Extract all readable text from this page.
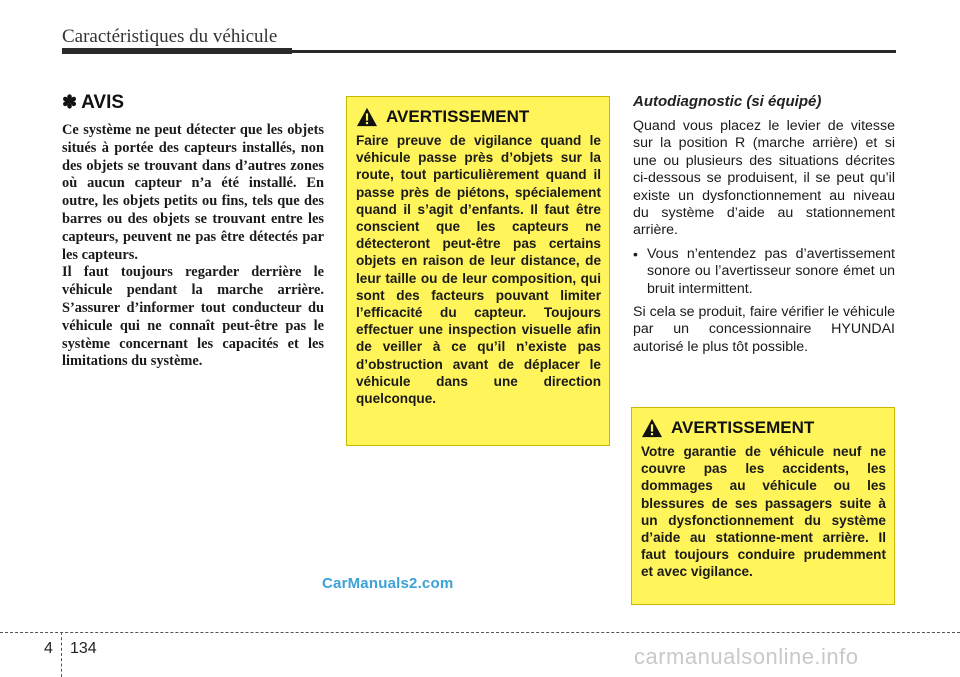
Caractéristiques du véhicule
✽ AVIS

Ce système ne peut détecter que les objets situés à portée des capteurs installés, non des objets se trouvant dans d’autres zones où aucun capteur n’a été installé. En outre, les objets petits ou fins, tels que des barres ou des objets se trouvant entre les capteurs, peuvent ne pas être détectés par les capteurs.

Il faut toujours regarder derrière le véhicule pendant la marche arrière. S’assurer d’informer tout conducteur du véhicule qui ne connaît peut-être pas le système concernant les capacités et les limitations du système.

AVERTISSEMENT

Faire preuve de vigilance quand le véhicule passe près d’objets sur la route, tout particulièrement quand il passe près de piétons, spécialement quand il s’agit d’enfants. Il faut être conscient que les capteurs ne détecteront peut-être pas certains objets en raison de leur distance, de leur taille ou de leur composition, qui sont des facteurs pouvant limiter l’efficacité du capteur. Toujours effectuer une inspection visuelle afin de veiller à ce qu’il n’existe pas d’obstruction avant de déplacer le véhicule dans une direction quelconque.

Autodiagnostic (si équipé)

Quand vous placez le levier de vitesse sur la position R (marche arrière) et si une ou plusieurs des situations décrites ci-dessous se produisent, il se peut qu’il existe un dysfonctionnement au niveau du système d’aide au stationnement arrière.

• Vous n’entendez pas d’avertissement sonore ou l’avertisseur sonore émet un bruit intermittent.

Si cela se produit, faire vérifier le véhicule par un concessionnaire HYUNDAI autorisé le plus tôt possible.

AVERTISSEMENT

Votre garantie de véhicule neuf ne couvre pas les accidents, les dommages au véhicule ou les blessures de ses passagers suite à un dysfonctionnement du système d’aide au stationne-ment arrière. Il faut toujours conduire prudemment et avec vigilance.

CarManuals2.com
4 134	carmanualsonline.info
